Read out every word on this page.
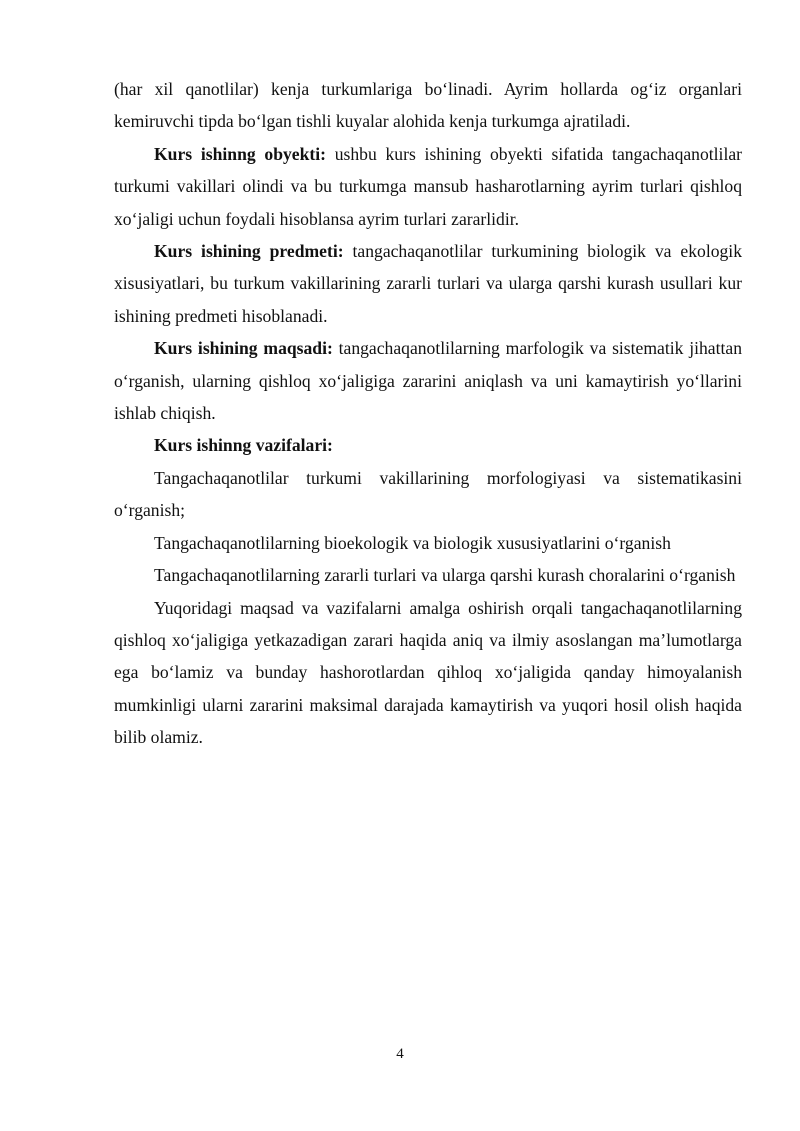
(har xil qanotlilar) kenja turkumlariga bo‘linadi. Ayrim hollarda og‘iz organlari kemiruvchi tipda bo‘lgan tishli kuyalar alohida kenja turkumga ajratiladi.

Kurs ishinng obyekti: ushbu kurs ishining obyekti sifatida tangachaqanotlilar turkumi vakillari olindi va bu turkumga mansub hasharotlarning ayrim turlari qishloq xo‘jaligi uchun foydali hisoblansa ayrim turlari zararlidir.

Kurs ishining predmeti: tangachaqanotlilar turkumining biologik va ekologik xisusiyatlari, bu turkum vakillarining zararli turlari va ularga qarshi kurash usullari kur ishining predmeti hisoblanadi.

Kurs ishining maqsadi: tangachaqanotlilarning marfologik va sistematik jihattan o‘rganish, ularning qishloq xo‘jaligiga zararini aniqlash va uni kamaytirish yo‘llarini ishlab chiqish.

Kurs ishinng vazifalari:

Tangachaqanotlilar turkumi vakillarining morfologiyasi va sistematikasini o‘rganish;

Tangachaqanotlilarning bioekologik va biologik xususiyatlarini o‘rganish

Tangachaqanotlilarning zararli turlari va ularga qarshi kurash choralarini o‘rganish

Yuqoridagi maqsad va vazifalarni amalga oshirish orqali tangachaqanotlilarning qishloq xo‘jaligiga yetkazadigan zarari haqida aniq va ilmiy asoslangan ma’lumotlarga ega bo‘lamiz va bunday hashorotlardan qihloq xo‘jaligida qanday himoyalanish mumkinligi ularni zararini maksimal darajada kamaytirish va yuqori hosil olish haqida bilib olamiz.

4
